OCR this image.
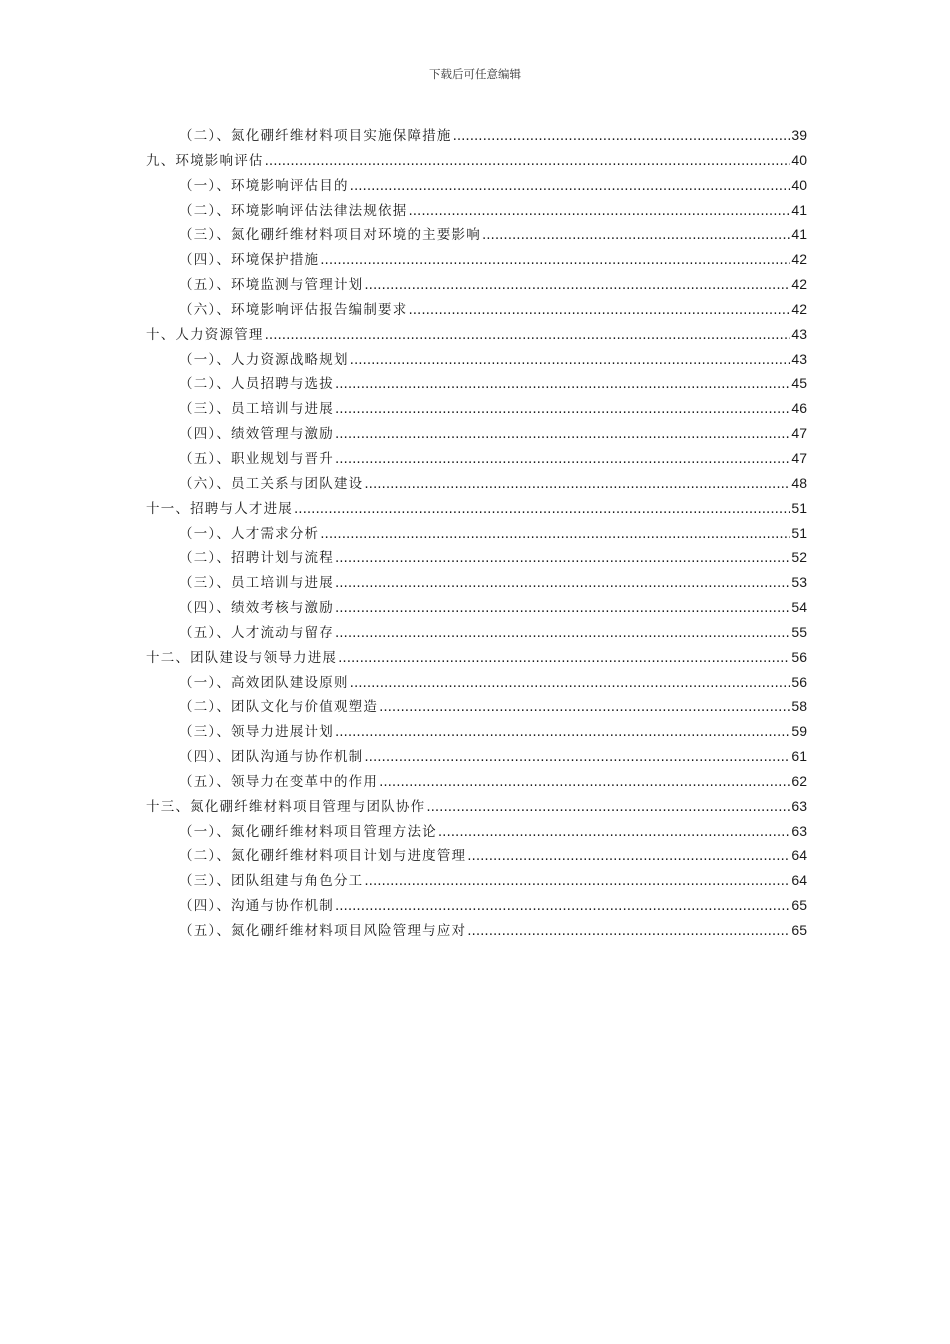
下载后可任意编辑
（二）、氮化硼纤维材料项目实施保障措施 .....	39
九、环境影响评估 .....	40
（一）、环境影响评估目的 .....	40
（二）、环境影响评估法律法规依据 .....	41
（三）、氮化硼纤维材料项目对环境的主要影响 .....	41
（四）、环境保护措施 .....	42
（五）、环境监测与管理计划 .....	42
（六）、环境影响评估报告编制要求 .....	42
十、人力资源管理 .....	43
（一）、人力资源战略规划 .....	43
（二）、人员招聘与选拔 .....	45
（三）、员工培训与进展 .....	46
（四）、绩效管理与激励 .....	47
（五）、职业规划与晋升 .....	47
（六）、员工关系与团队建设 .....	48
十一、招聘与人才进展 .....	51
（一）、人才需求分析 .....	51
（二）、招聘计划与流程 .....	52
（三）、员工培训与进展 .....	53
（四）、绩效考核与激励 .....	54
（五）、人才流动与留存 .....	55
十二、团队建设与领导力进展 .....	56
（一）、高效团队建设原则 .....	56
（二）、团队文化与价值观塑造 .....	58
（三）、领导力进展计划 .....	59
（四）、团队沟通与协作机制 .....	61
（五）、领导力在变革中的作用 .....	62
十三、氮化硼纤维材料项目管理与团队协作 .....	63
（一）、氮化硼纤维材料项目管理方法论 .....	63
（二）、氮化硼纤维材料项目计划与进度管理 .....	64
（三）、团队组建与角色分工 .....	64
（四）、沟通与协作机制 .....	65
（五）、氮化硼纤维材料项目风险管理与应对 .....	65
